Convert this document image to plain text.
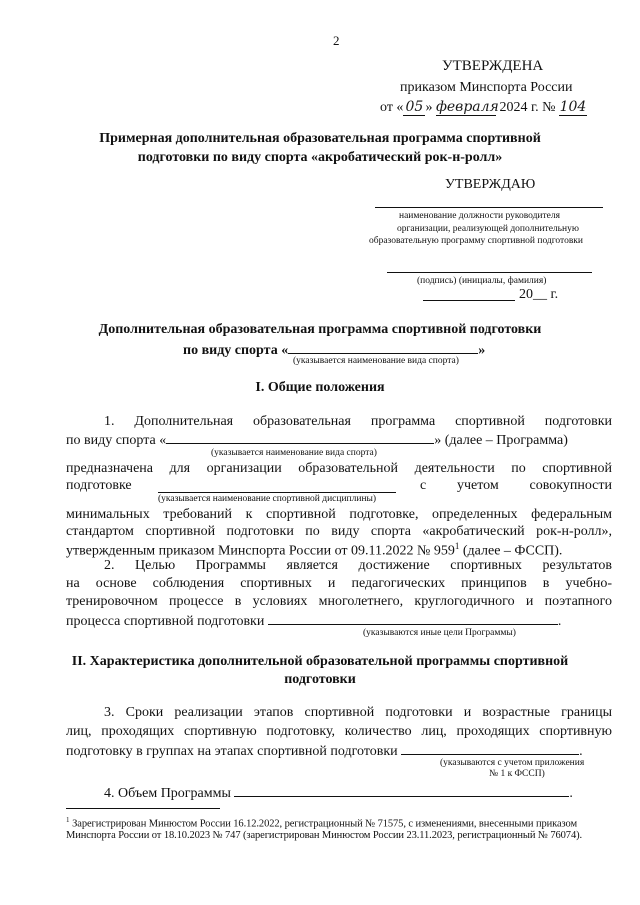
2
УТВЕРЖДЕНА
приказом Минспорта России
от « 05 » февраля 2024 г. № 104
Примерная дополнительная образовательная программа спортивной
подготовки по виду спорта «акробатический рок-н-ролл»
УТВЕРЖДАЮ
наименование должности руководителя
организации, реализующей дополнительную
образовательную программу спортивной подготовки
(подпись) (инициалы, фамилия)
20__ г.
Дополнительная образовательная программа спортивной подготовки
по виду спорта «	»
(указывается наименование вида спорта)
I. Общие положения
1. Дополнительная образовательная программа спортивной подготовки
по виду спорта «	» (далее – Программа)
(указывается наименование вида спорта)
предназначена для организации образовательной деятельности по спортивной
подготовке	с учетом совокупности
(указывается наименование спортивной дисциплины)
минимальных требований к спортивной подготовке, определенных федеральным
стандартом спортивной подготовки по виду спорта «акробатический рок-н-ролл»,
утвержденным приказом Минспорта России от 09.11.2022 № $959^1$ (далее – ФССП).
2. Целью Программы является достижение спортивных результатов
на основе соблюдения спортивных и педагогических принципов в учебно-
тренировочном процессе в условиях многолетнего, круглогодичного и поэтапного
процесса спортивной подготовки	.
(указываются иные цели Программы)
II. Характеристика дополнительной образовательной программы спортивной
подготовки
3. Сроки реализации этапов спортивной подготовки и возрастные границы
лиц, проходящих спортивную подготовку, количество лиц, проходящих спортивную
подготовку в группах на этапах спортивной подготовки	.
(указываются с учетом приложения
№ 1 к ФССП)
4. Объем Программы	.
$^1$ Зарегистрирован Минюстом России 16.12.2022, регистрационный № 71575, с изменениями, внесенными приказом
Минспорта России от 18.10.2023 № 747 (зарегистрирован Минюстом России 23.11.2023, регистрационный № 76074).
